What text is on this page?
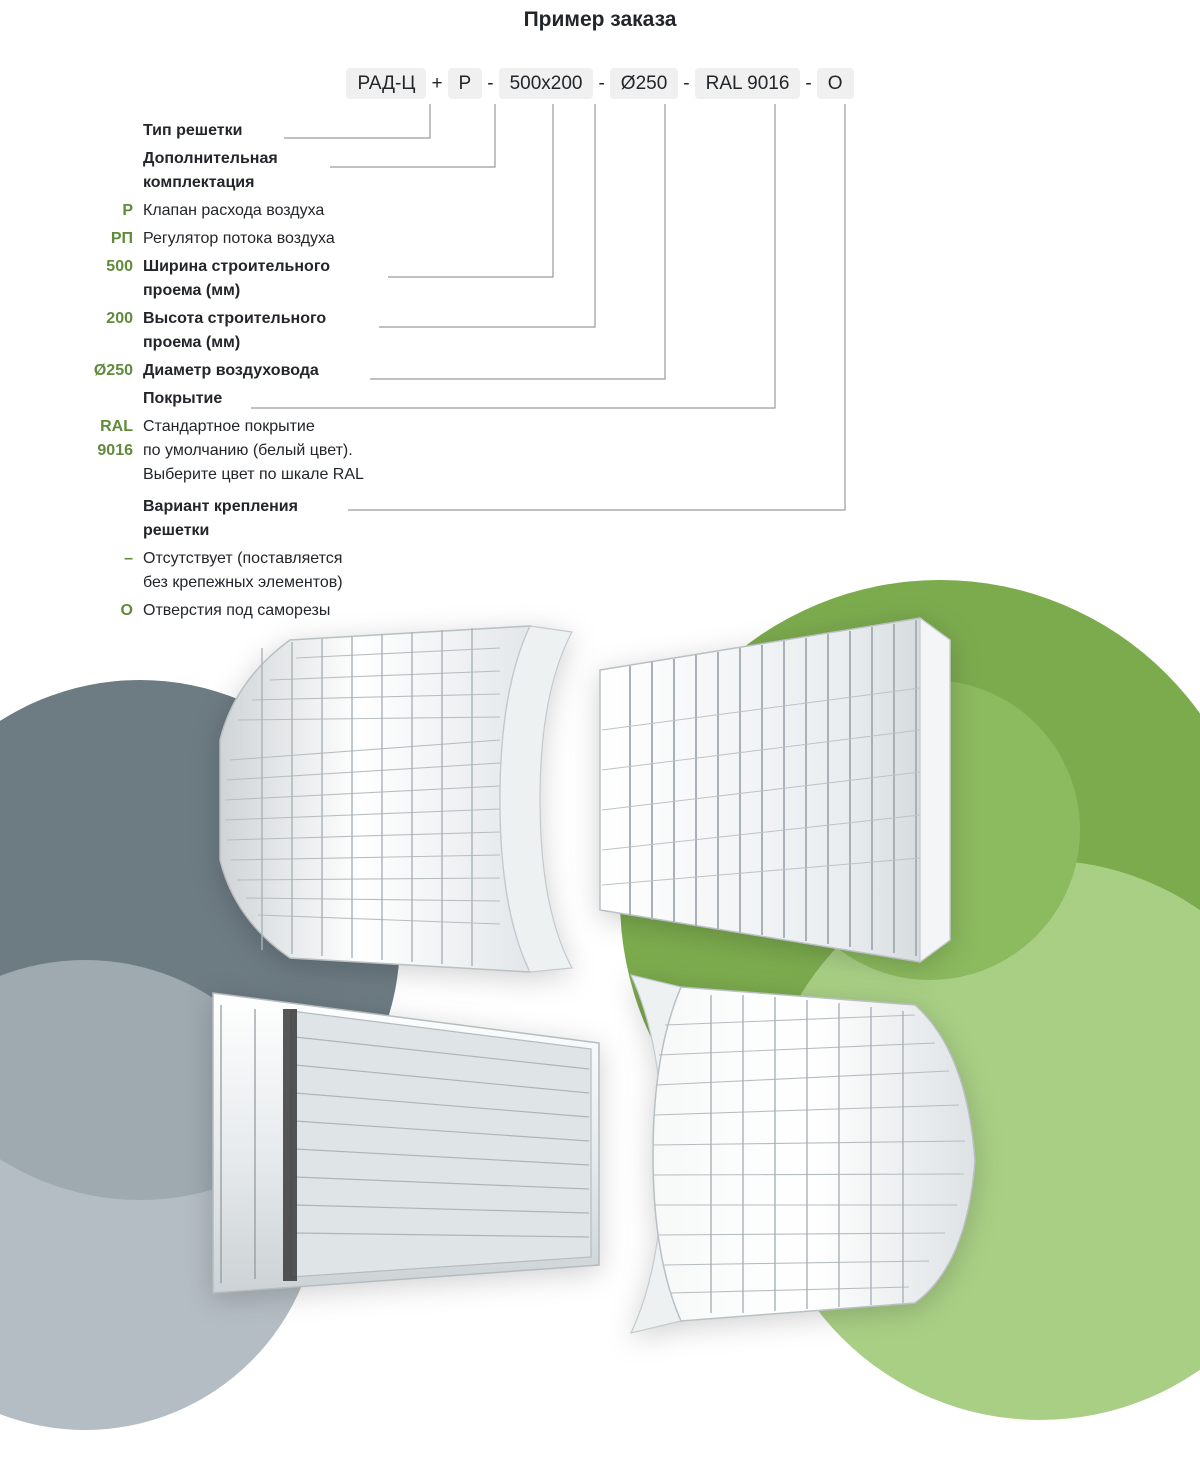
Пример заказа
РАД-Ц + Р - 500x200 - Ø250 - RAL 9016 - О
Тип решетки
Дополнительная
комплектация
Р Клапан расхода воздуха
РП Регулятор потока воздуха
500 Ширина строительного
проема (мм)
200 Высота строительного
проема (мм)
Ø250 Диаметр воздуховода
Покрытие
RAL Стандартное покрытие
9016 по умолчанию (белый цвет).
Выберите цвет по шкале RAL
Вариант крепления
решетки
– Отсутствует (поставляется
без крепежных элементов)
О Отверстия под саморезы
